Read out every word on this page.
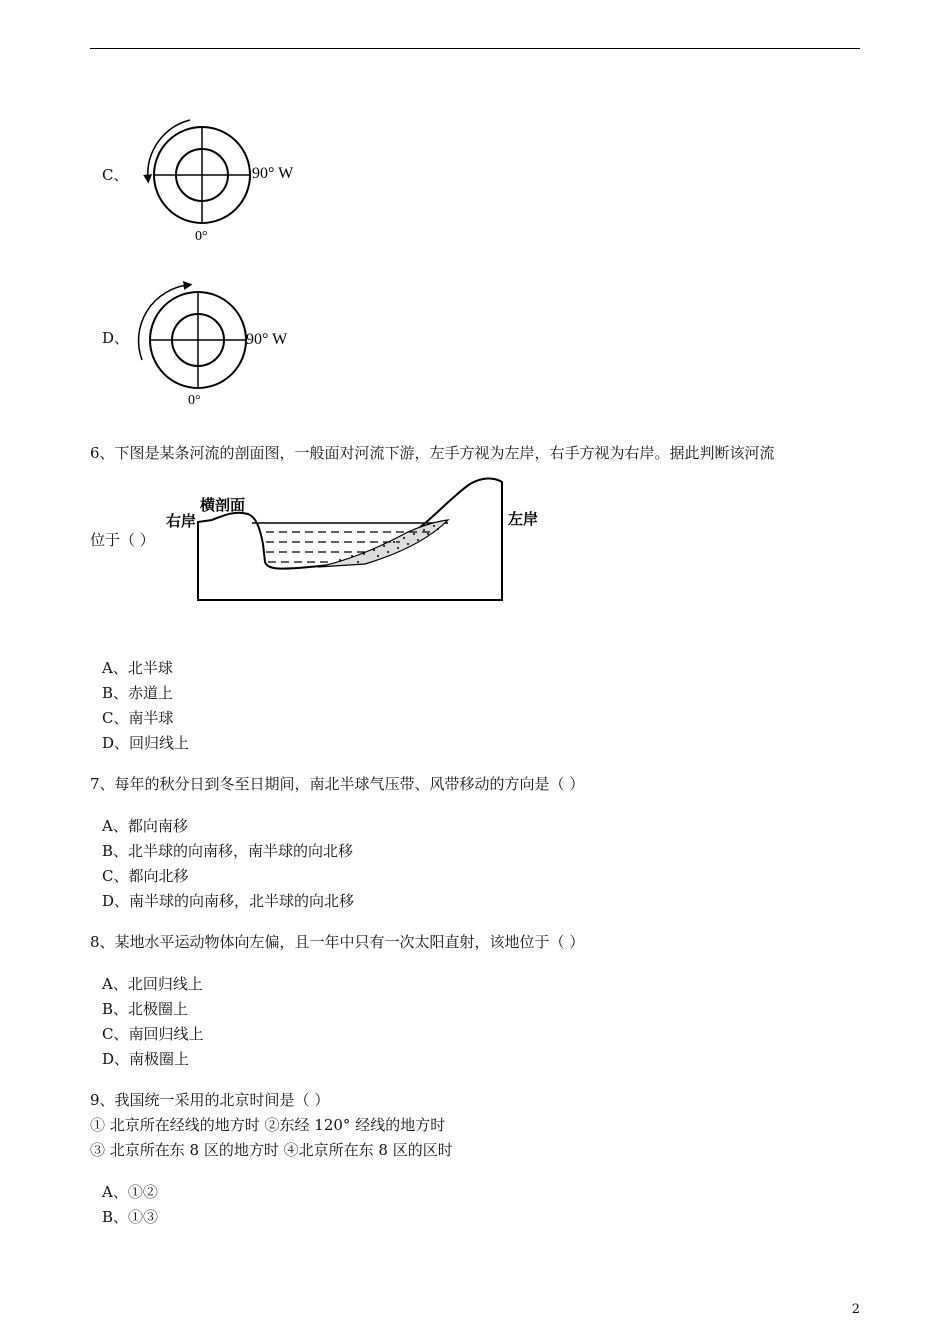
C、	90° W
0°
D、	90° W
0°
6、下图是某条河流的剖面图，一般面对河流下游，左手方视为左岸，右手方视为右岸。据此判断该河流
位于（ ）
右岸
横剖面
左岸
A、北半球
B、赤道上
C、南半球
D、回归线上
7、每年的秋分日到冬至日期间，南北半球气压带、风带移动的方向是（ ）
A、都向南移
B、北半球的向南移，南半球的向北移
C、都向北移
D、南半球的向南移，北半球的向北移
8、某地水平运动物体向左偏，且一年中只有一次太阳直射，该地位于（ ）
A、北回归线上
B、北极圈上
C、南回归线上
D、南极圈上
9、我国统一采用的北京时间是（ ）
① 北京所在经线的地方时 ②东经 120° 经线的地方时
③ 北京所在东 8 区的地方时 ④北京所在东 8 区的区时
A、①②
B、①③
2
